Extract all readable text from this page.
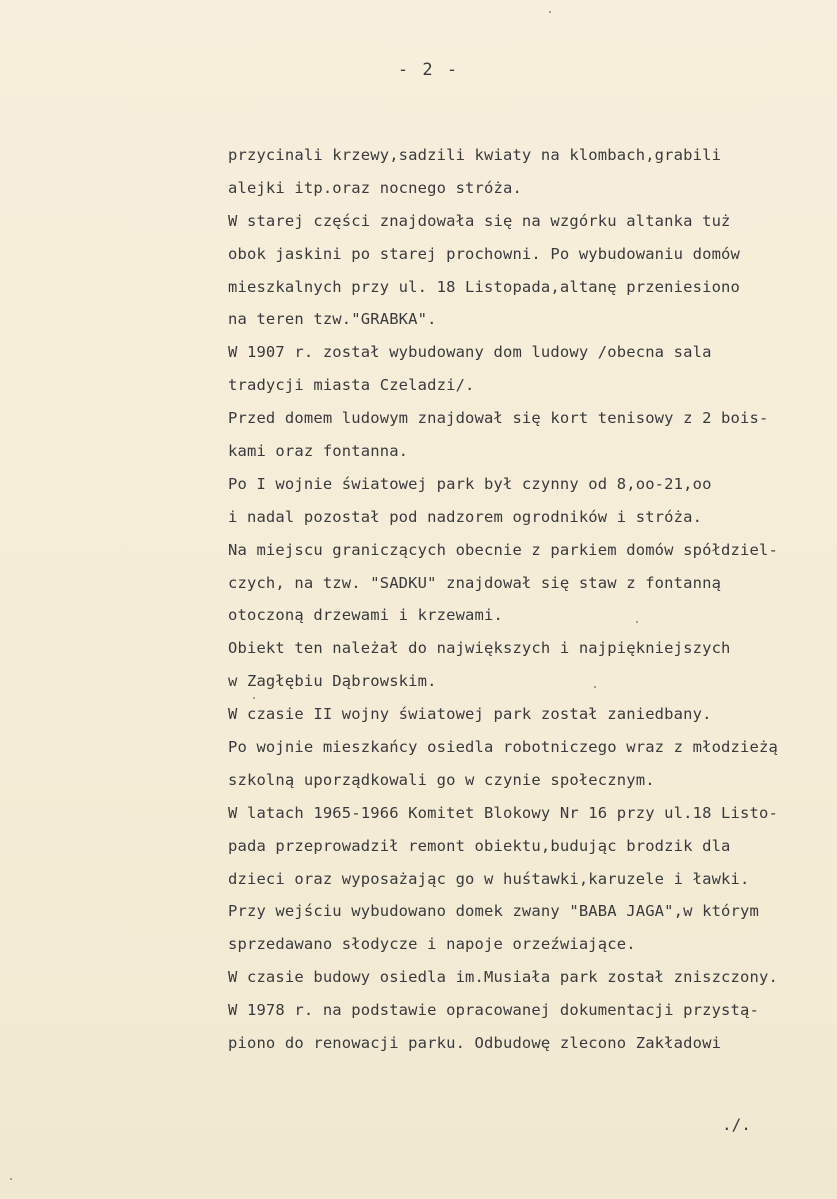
- 2 -
przycinali krzewy,sadzili kwiaty na klombach,grabili
alejki itp.oraz nocnego stróża.
W starej części znajdowała się na wzgórku altanka tuż
obok jaskini po starej prochowni. Po wybudowaniu domów
mieszkalnych przy ul. 18 Listopada,altanę przeniesiono
na teren tzw."GRABKA".
W 1907 r. został wybudowany dom ludowy /obecna sala
tradycji miasta Czeladzi/.
Przed domem ludowym znajdował się kort tenisowy z 2 bois-
kami oraz fontanna.
Po I wojnie światowej park był czynny od 8,oo-21,oo
i nadal pozostał pod nadzorem ogrodników i stróża.
Na miejscu graniczących obecnie z parkiem domów spółdziel-
czych, na tzw. "SADKU" znajdował się staw z fontanną
otoczoną drzewami i krzewami.
Obiekt ten należał do największych i najpiękniejszych
w Zagłębiu Dąbrowskim.
W czasie II wojny światowej park został zaniedbany.
Po wojnie mieszkańcy osiedla robotniczego wraz z młodzieżą
szkolną uporządkowali go w czynie społecznym.
W latach 1965-1966 Komitet Blokowy Nr 16 przy ul.18 Listo-
pada przeprowadził remont obiektu,budując brodzik dla
dzieci oraz wyposażając go w huśtawki,karuzele i ławki.
Przy wejściu wybudowano domek zwany "BABA JAGA",w którym
sprzedawano słodycze i napoje orzeźwiające.
W czasie budowy osiedla im.Musiała park został zniszczony.
W 1978 r. na podstawie opracowanej dokumentacji przystą-
piono do renowacji parku. Odbudowę zlecono Zakładowi
./.
